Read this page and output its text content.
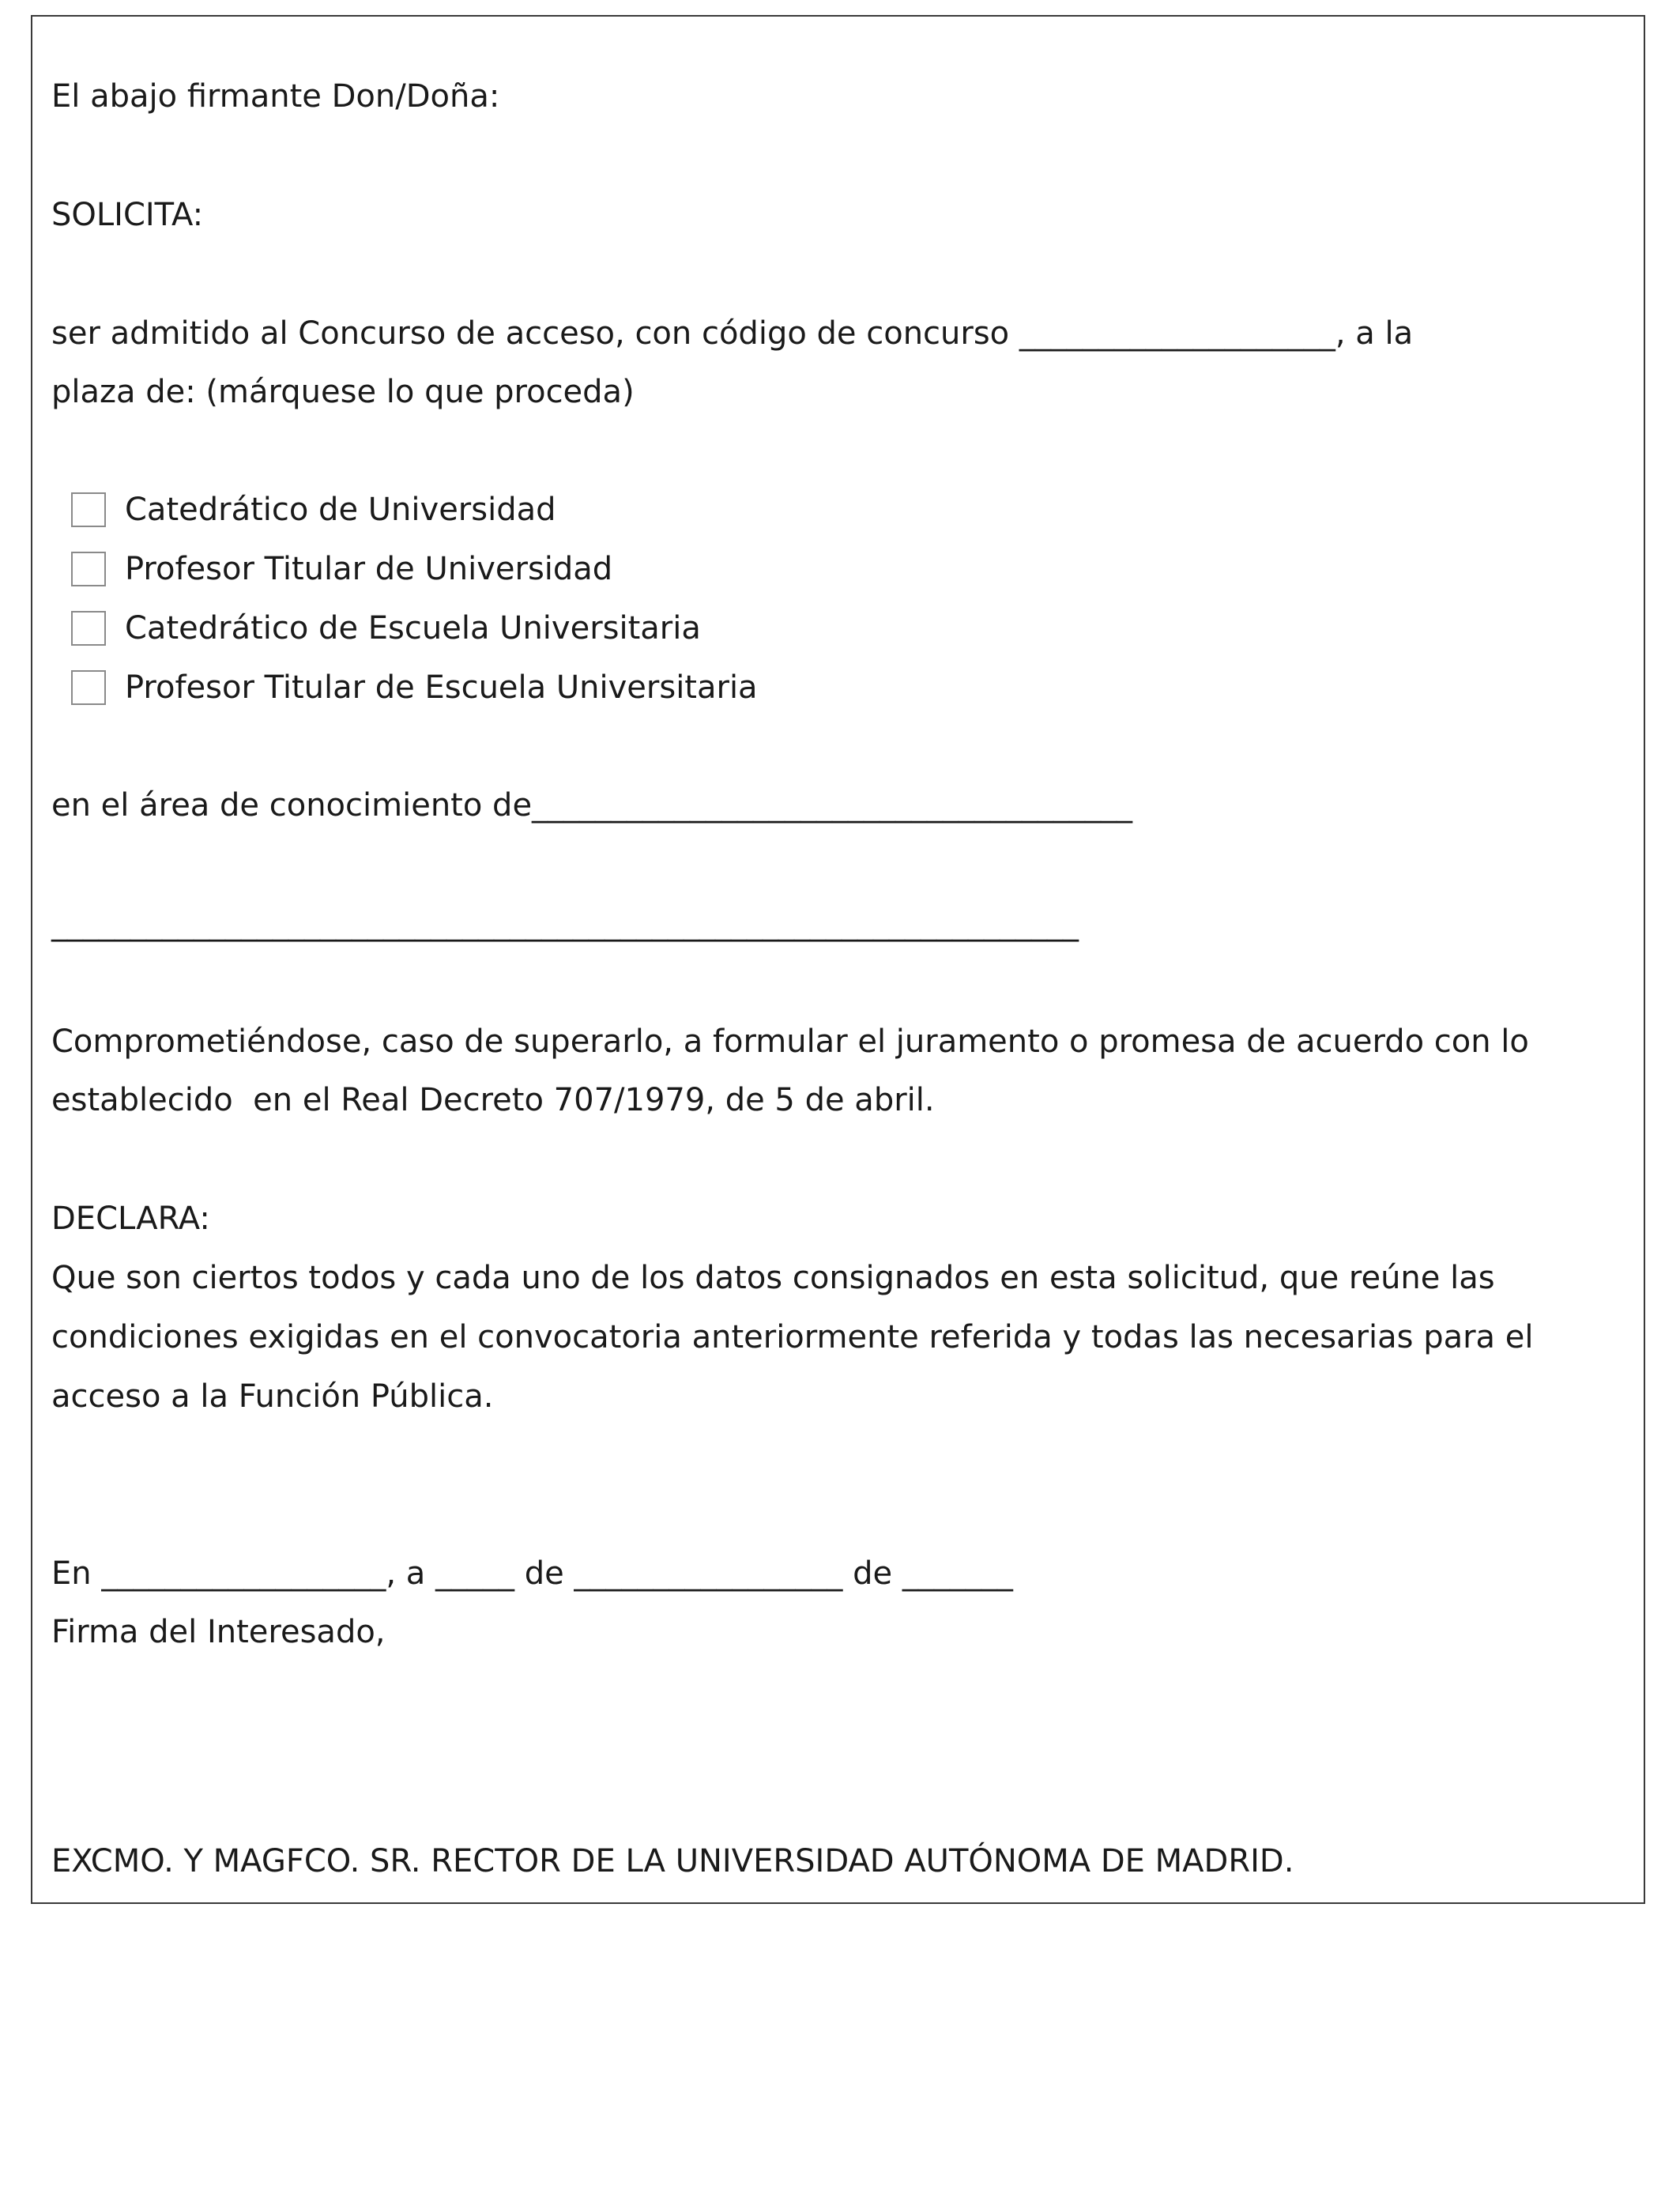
El abajo firmante Don/Doña:

SOLICITA:

ser admitido al Concurso de acceso, con código de concurso ____________________, a la

plaza de: (márquese lo que proceda)

Catedrático de Universidad
Profesor Titular de Universidad
Catedrático de Escuela Universitaria
Profesor Titular de Escuela Universitaria

en el área de conocimiento de______________________________________

_________________________________________________________________

Comprometiéndose, caso de superarlo, a formular el juramento o promesa de acuerdo con lo

establecido  en el Real Decreto 707/1979, de 5 de abril.

DECLARA:

Que son ciertos todos y cada uno de los datos consignados en esta solicitud, que reúne las

condiciones exigidas en el convocatoria anteriormente referida y todas las necesarias para el

acceso a la Función Pública.

En __________________, a _____ de _________________ de _______

Firma del Interesado,

EXCMO. Y MAGFCO. SR. RECTOR DE LA UNIVERSIDAD AUTÓNOMA DE MADRID.
